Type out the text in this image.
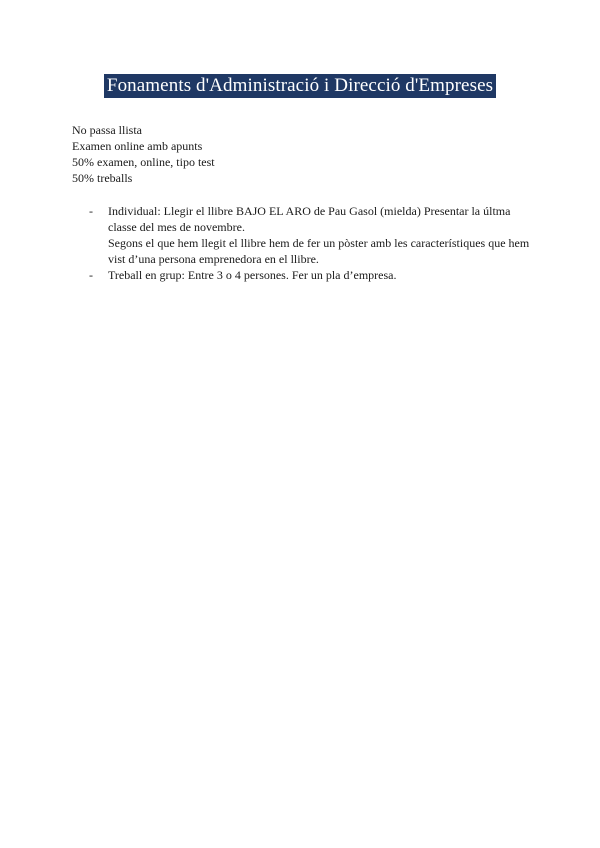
Fonaments d'Administració i Direcció d'Empreses
No passa llista
Examen online amb apunts
50% examen, online, tipo test
50% treballs
- Individual: Llegir el llibre BAJO EL ARO de Pau Gasol (mielda) Presentar la últma classe del mes de novembre.

Segons el que hem llegit el llibre hem de fer un pòster amb les característiques que hem vist d’una persona emprenedora en el llibre.

- Treball en grup: Entre 3 o 4 persones. Fer un pla d’empresa.
